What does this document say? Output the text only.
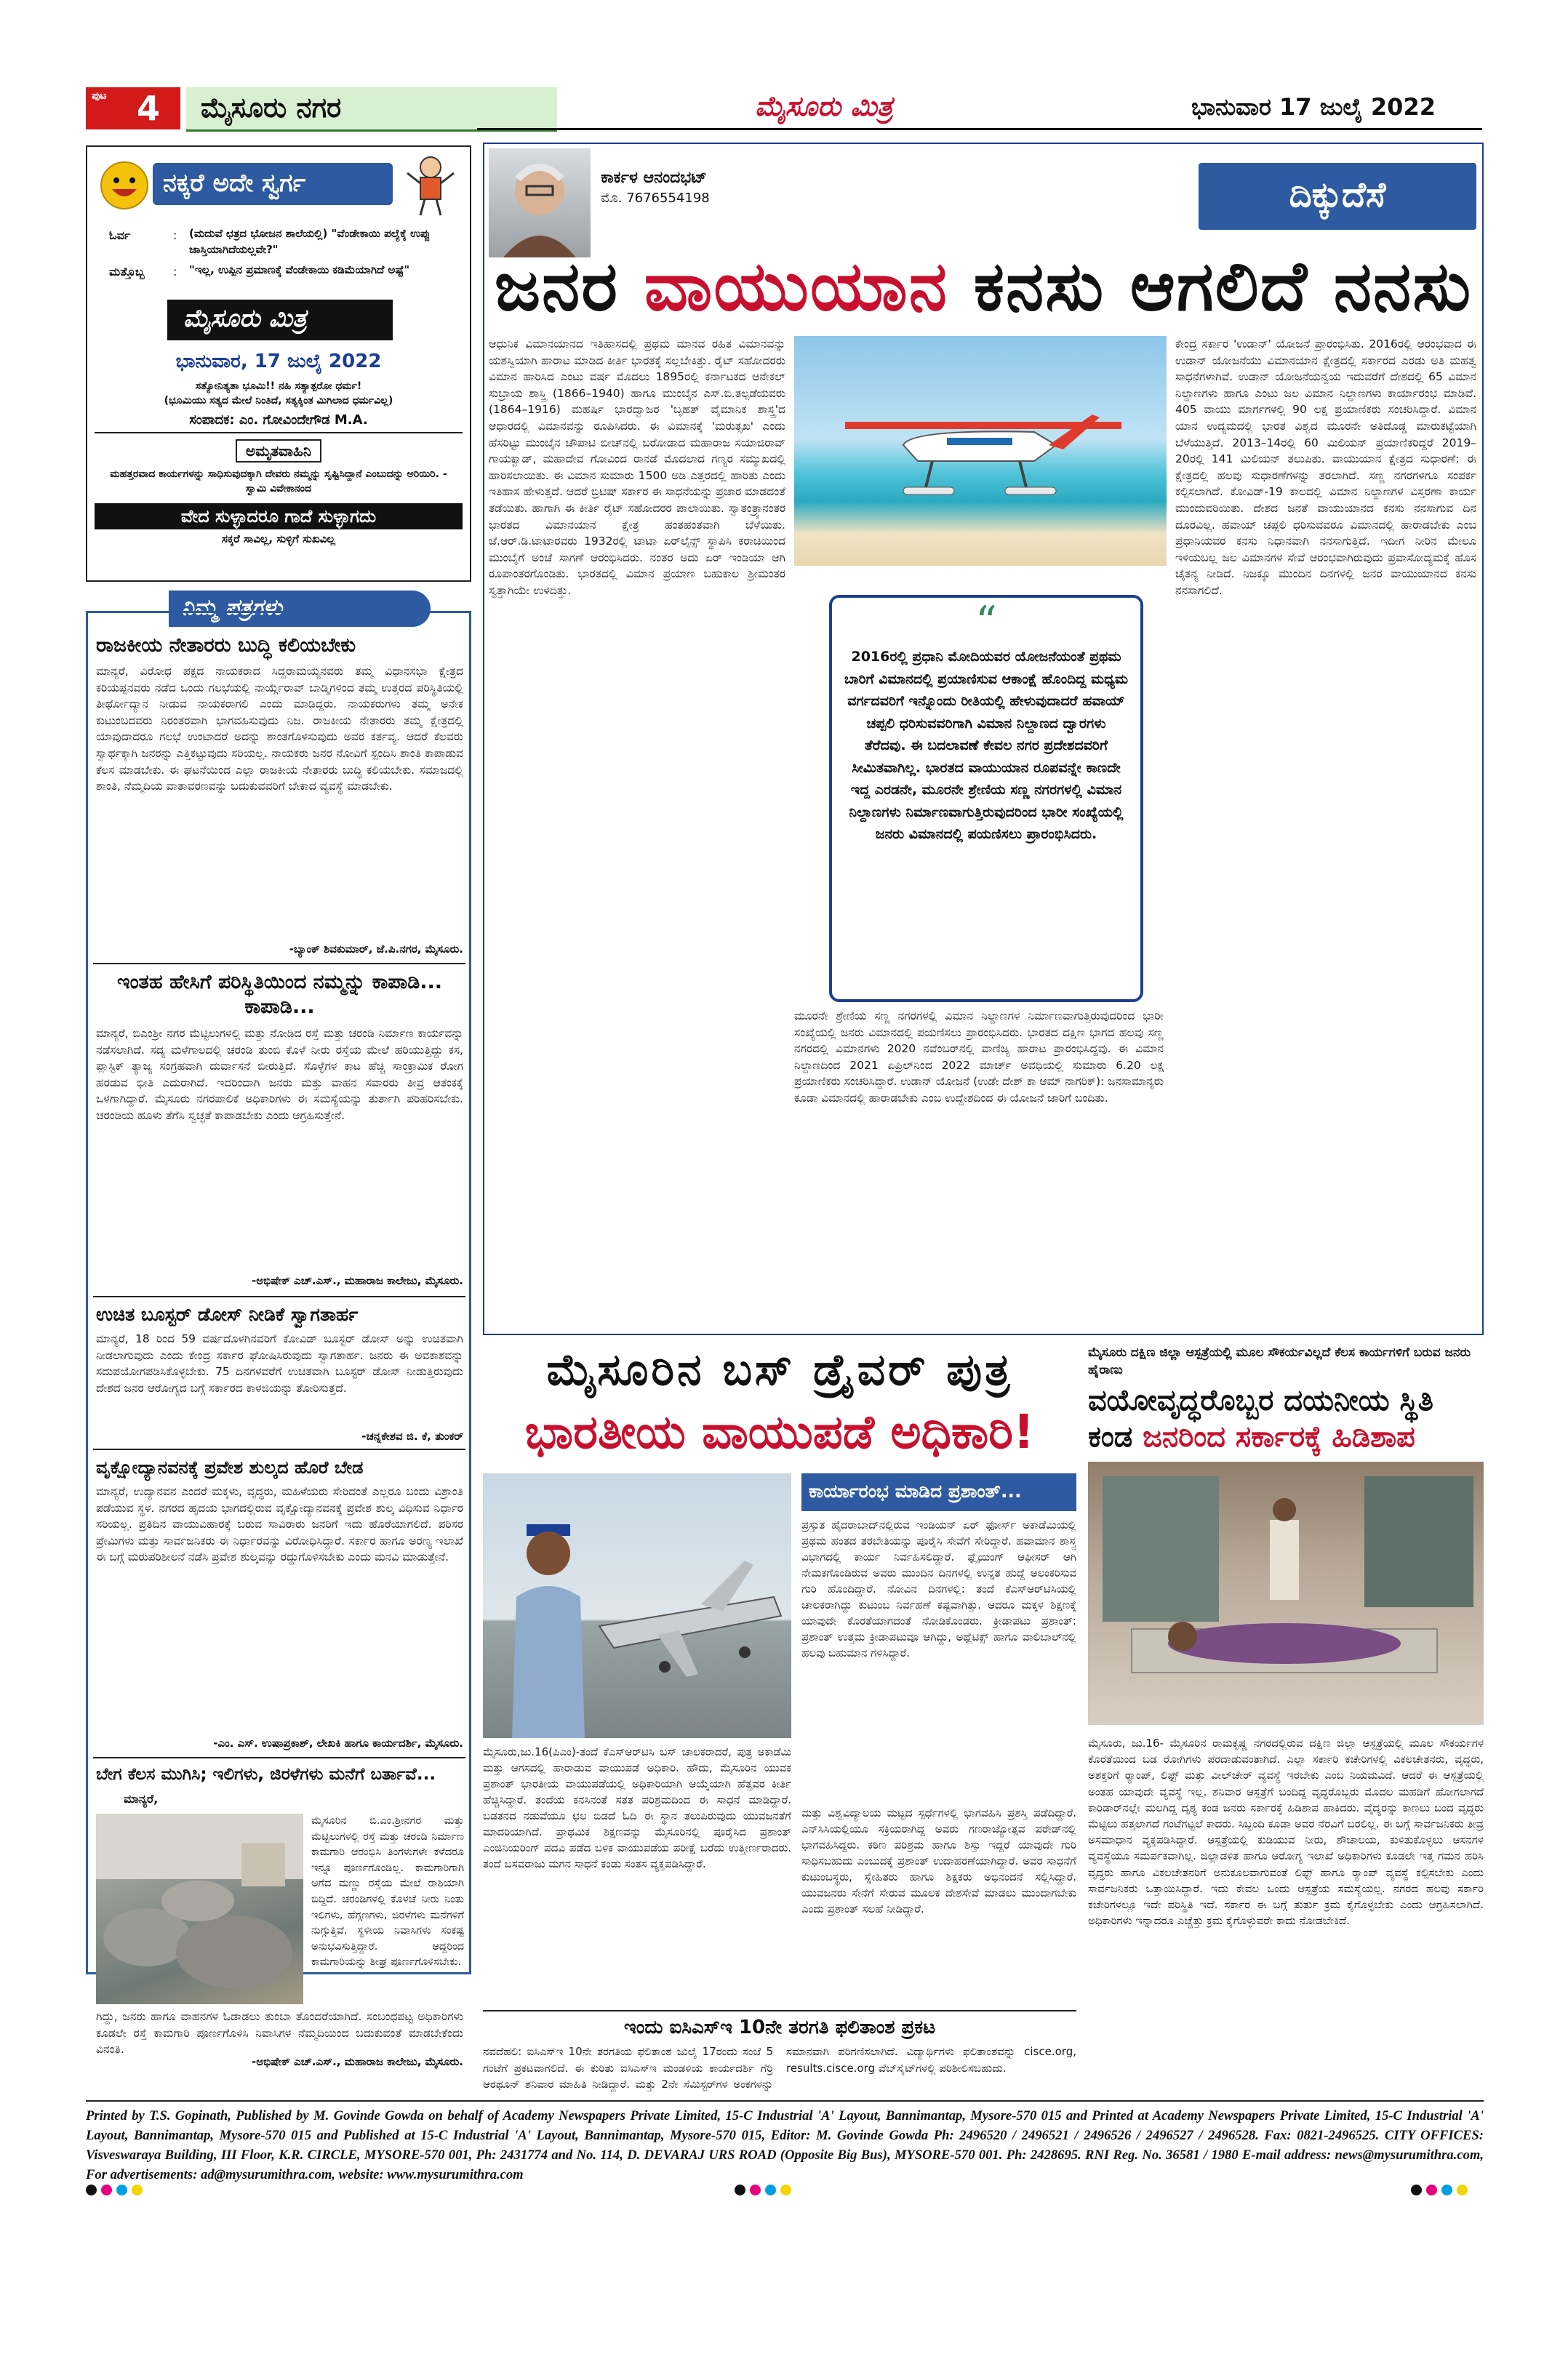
ಪುಟ 4 ಮೈಸೂರು ನಗರ	ಮೈಸೂರು ಮಿತ್ರ	ಭಾನುವಾರ 17 ಜುಲೈ 2022
ನಕ್ಕರೆ ಅದೇ ಸ್ವರ್ಗ
ಓರ್ವ	: (ಮದುವೆ ಛತ್ರದ ಭೋಜನ ಶಾಲೆಯಲ್ಲಿ) "ವೆಂಡೇಕಾಯಿ ಪಲ್ಯೆಕ್ಕೆ ಉಪ್ಪು ಜಾಸ್ತಿಯಾಗಿದೆಯಲ್ಲವೇ?"

ಮತ್ತೊಬ್ಬ : "ಇಲ್ಲ, ಉಪ್ಪಿನ ಪ್ರಮಾಣಕ್ಕೆ ವೆಂಡೇಕಾಯಿ ಕಡಿಮೆಯಾಗಿದೆ ಅಷ್ಟೆ"

ಮೈಸೂರು ಮಿತ್ರ
ಭಾನುವಾರ, 17 ಜುಲೈ 2022
ಸತ್ಯೋನಿತ್ಯತಾ ಭೂಮಿ!! ನಹಿ ಸತ್ಯಾತ್ಪರೋ ಧರ್ಮ!
(ಭೂಮಿಯು ಸತ್ಯದ ಮೇಲೆ ನಿಂತಿದೆ, ಸತ್ಯಕ್ಕಿಂತ ಮಿಗಿಲಾದ ಧರ್ಮವಿಲ್ಲ)
ಸಂಪಾದಕ: ಎಂ. ಗೋವಿಂದೇಗೌಡ M.A.
ಅಮೃತವಾಹಿನಿ
ಮಹತ್ತರವಾದ ಕಾರ್ಯಗಳನ್ನು ಸಾಧಿಸುವುದಕ್ಕಾಗಿ ದೇವರು ನಮ್ಮನ್ನು ಸೃಷ್ಟಿಸಿದ್ದಾನೆ ಎಂಬುದನ್ನು ಅರಿಯಿರಿ. - ಸ್ವಾಮಿ ವಿವೇಕಾನಂದ
ವೇದ ಸುಳ್ಳಾದರೂ ಗಾದೆ ಸುಳ್ಳಾಗದು
ಸಕ್ಕರೆ ಸಾವಿಲ್ಲ, ಸುಳ್ಳಿಗೆ ಸುಖವಿಲ್ಲ
ನಿಮ್ಮ ಪತ್ರಗಳು
ರಾಜಕೀಯ ನೇತಾರರು ಬುದ್ಧಿ ಕಲಿಯಬೇಕು

ಮಾನ್ಯರೆ, ವಿರೋಧ ಪಕ್ಷದ ನಾಯಕರಾದ ಸಿದ್ದರಾಮಯ್ಯನವರು ತಮ್ಮ ವಿಧಾನಸಭಾ ಕ್ಷೇತ್ರದ ಕರಿಯಪ್ಪನವರು ನಡೆದ ಒಂದು ಗಲಭೆಯಲ್ಲಿ ನಾರ್ಯ್ಗೆರಾವ್ ಬಾಡ್ಮಿಗಳಿಂದ ತಮ್ಮ ಉತ್ತರದ ಪರಿಸ್ಥಿತಿಯಲ್ಲಿ ತೀರ್ಥೋದ್ಯಾನ ನೀಡುವ ನಾಯಕರಾಗಲಿ ಎಂದು ಮಾಡಿದ್ದರು. ನಾಯಕರುಗಳು ತಮ್ಮ ಅನೇಕ ಕುಟುಂಬದವರು ನಿರಂತರವಾಗಿ ಭಾಗವಹಿಸುವುದು ನಿಜ. ರಾಜಕೀಯ ನೇತಾರರು ತಮ್ಮ ಕ್ಷೇತ್ರದಲ್ಲಿ ಯಾವುದಾದರೂ ಗಲಭೆ ಉಂಟಾದರೆ ಅದನ್ನು ಶಾಂತಗೊಳಿಸುವುದು ಅವರ ಕರ್ತವ್ಯ. ಆದರೆ ಕೆಲವರು ಸ್ವಾರ್ಥಕ್ಕಾಗಿ ಜನರನ್ನು ಎತ್ತಿಕಟ್ಟುವುದು ಸರಿಯಲ್ಲ. ನಾಯಕರು ಜನರ ನೋವಿಗೆ ಸ್ಪಂದಿಸಿ ಶಾಂತಿ ಕಾಪಾಡುವ ಕೆಲಸ ಮಾಡಬೇಕು. ಈ ಘಟನೆಯಿಂದ ಎಲ್ಲಾ ರಾಜಕೀಯ ನೇತಾರರು ಬುದ್ಧಿ ಕಲಿಯಬೇಕು. ಸಮಾಜದಲ್ಲಿ ಶಾಂತಿ, ನೆಮ್ಮದಿಯ ವಾತಾವರಣವನ್ನು ಬದುಕುವವರಿಗೆ ಬೇಕಾದ ವ್ಯವಸ್ಥೆ ಮಾಡಬೇಕು.

-ಬ್ಯಾಂಕ್ ಶಿವಕುಮಾರ್, ಜೆ.ಪಿ.ನಗರ, ಮೈಸೂರು.
ಇಂತಹ ಹೇಸಿಗೆ ಪರಿಸ್ಥಿತಿಯಿಂದ ನಮ್ಮನ್ನು ಕಾಪಾಡಿ... ಕಾಪಾಡಿ...

ಮಾನ್ಯರೆ, ಬಿಎಂಶ್ರೀ ನಗರ ಮೆಟ್ಟಿಲುಗಳಲ್ಲಿ ಮತ್ತು ನೋಡಿದ ರಸ್ತೆ ಮತ್ತು ಚರಂಡಿ ನಿರ್ಮಾಣ ಕಾರ್ಯವನ್ನು ನಡೆಸಲಾಗಿದೆ. ಸದ್ಯ ಮಳೆಗಾಲದಲ್ಲಿ ಚರಂಡಿ ತುಂಬಿ ಕೊಳೆ ನೀರು ರಸ್ತೆಯ ಮೇಲೆ ಹರಿಯುತ್ತಿದ್ದು ಕಸ, ಪ್ಲಾಸ್ಟಿಕ್ ತ್ಯಾಜ್ಯ ಸಂಗ್ರಹವಾಗಿ ದುರ್ವಾಸನೆ ಬೀರುತ್ತಿದೆ. ಸೊಳ್ಳೆಗಳ ಕಾಟ ಹೆಚ್ಚಿ ಸಾಂಕ್ರಾಮಿಕ ರೋಗ ಹರಡುವ ಭೀತಿ ಎದುರಾಗಿದೆ. ಇದರಿಂದಾಗಿ ಜನರು ಮತ್ತು ವಾಹನ ಸವಾರರು ತೀವ್ರ ಆತಂಕಕ್ಕೆ ಒಳಗಾಗಿದ್ದಾರೆ. ಮೈಸೂರು ನಗರಪಾಲಿಕೆ ಅಧಿಕಾರಿಗಳು ಈ ಸಮಸ್ಯೆಯನ್ನು ತುರ್ತಾಗಿ ಪರಿಹರಿಸಬೇಕು. ಚರಂಡಿಯ ಹೂಳು ತೆಗೆಸಿ ಸ್ವಚ್ಛತೆ ಕಾಪಾಡಬೇಕು ಎಂದು ಆಗ್ರಹಿಸುತ್ತೇನೆ.

-ಅಭಿಷೇಕ್ ಎಚ್.ಎಸ್., ಮಹಾರಾಜ ಕಾಲೇಜು, ಮೈಸೂರು.
ಉಚಿತ ಬೂಸ್ಟರ್ ಡೋಸ್ ನೀಡಿಕೆ ಸ್ವಾಗತಾರ್ಹ

ಮಾನ್ಯರೆ, 18 ರಿಂದ 59 ವರ್ಷದೊಳಗಿನವರಿಗೆ ಕೋವಿಡ್ ಬೂಸ್ಟರ್ ಡೋಸ್ ಅನ್ನು ಉಚಿತವಾಗಿ ನೀಡಲಾಗುವುದು ಎಂದು ಕೇಂದ್ರ ಸರ್ಕಾರ ಘೋಷಿಸಿರುವುದು ಸ್ವಾಗತಾರ್ಹ. ಜನರು ಈ ಅವಕಾಶವನ್ನು ಸದುಪಯೋಗಪಡಿಸಿಕೊಳ್ಳಬೇಕು. 75 ದಿನಗಳವರೆಗೆ ಉಚಿತವಾಗಿ ಬೂಸ್ಟರ್ ಡೋಸ್ ನೀಡುತ್ತಿರುವುದು ದೇಶದ ಜನರ ಆರೋಗ್ಯದ ಬಗ್ಗೆ ಸರ್ಕಾರದ ಕಾಳಜಿಯನ್ನು ತೋರಿಸುತ್ತದೆ.

-ಚನ್ನಕೇಶವ ಜಿ. ಕೆ, ತುಂಕರ್
ವೃಕ್ಷೋದ್ಯಾನವನಕ್ಕೆ ಪ್ರವೇಶ ಶುಲ್ಕದ ಹೊರೆ ಬೇಡ

ಮಾನ್ಯರೆ, ಉದ್ಯಾನವನ ಎಂದರೆ ಮಕ್ಕಳು, ವೃದ್ಧರು, ಮಹಿಳೆಯರು ಸೇರಿದಂತೆ ಎಲ್ಲರೂ ಬಂದು ವಿಶ್ರಾಂತಿ ಪಡೆಯುವ ಸ್ಥಳ. ನಗರದ ಹೃದಯ ಭಾಗದಲ್ಲಿರುವ ವೃಕ್ಷೋದ್ಯಾನವನಕ್ಕೆ ಪ್ರವೇಶ ಶುಲ್ಕ ವಿಧಿಸುವ ನಿರ್ಧಾರ ಸರಿಯಲ್ಲ. ಪ್ರತಿದಿನ ವಾಯುವಿಹಾರಕ್ಕೆ ಬರುವ ಸಾವಿರಾರು ಜನರಿಗೆ ಇದು ಹೊರೆಯಾಗಲಿದೆ. ಪರಿಸರ ಪ್ರೇಮಿಗಳು ಮತ್ತು ಸಾರ್ವಜನಿಕರು ಈ ನಿರ್ಧಾರವನ್ನು ವಿರೋಧಿಸಿದ್ದಾರೆ. ಸರ್ಕಾರ ಹಾಗೂ ಅರಣ್ಯ ಇಲಾಖೆ ಈ ಬಗ್ಗೆ ಮರುಪರಿಶೀಲನೆ ನಡೆಸಿ ಪ್ರವೇಶ ಶುಲ್ಕವನ್ನು ರದ್ದುಗೊಳಿಸಬೇಕು ಎಂದು ಮನವಿ ಮಾಡುತ್ತೇನೆ.

-ಎಂ. ಎಸ್. ಉಷಾಪ್ರಕಾಶ್, ಲೇಖಕಿ ಹಾಗೂ ಕಾರ್ಯದರ್ಶಿ, ಮೈಸೂರು.
ಬೇಗ ಕೆಲಸ ಮುಗಿಸಿ; ಇಲಿಗಳು, ಜಿರಳೆಗಳು ಮನೆಗೆ ಬರ್ತಾವೆ...
ಮಾನ್ಯರೆ,

ಮೈಸೂರಿನ ಬಿ.ಎಂ.ಶ್ರೀನಗರ ಮತ್ತು ಮೆಟ್ಟಿಲುಗಳಲ್ಲಿ ರಸ್ತೆ ಮತ್ತು ಚರಂಡಿ ನಿರ್ಮಾಣ ಕಾಮಗಾರಿ ಆರಂಭಿಸಿ ತಿಂಗಳುಗಳೇ ಕಳೆದರೂ ಇನ್ನೂ ಪೂರ್ಣಗೊಂಡಿಲ್ಲ. ಕಾಮಗಾರಿಗಾಗಿ ಅಗೆದ ಮಣ್ಣು ರಸ್ತೆಯ ಮೇಲೆ ರಾಶಿಯಾಗಿ ಬಿದ್ದಿದೆ. ಚರಂಡಿಗಳಲ್ಲಿ ಕೊಳಚೆ ನೀರು ನಿಂತು ಇಲಿಗಳು, ಹೆಗ್ಗಣಗಳು, ಜಿರಳೆಗಳು ಮನೆಗಳಿಗೆ ನುಗ್ಗುತ್ತಿವೆ. ಸ್ಥಳೀಯ ನಿವಾಸಿಗಳು ಸಂಕಷ್ಟ ಅನುಭವಿಸುತ್ತಿದ್ದಾರೆ. ಆದ್ದರಿಂದ ಕಾಮಗಾರಿಯನ್ನು ಶೀಘ್ರ ಪೂರ್ಣಗೊಳಿಸಬೇಕು.

ಗಿದ್ದು, ಜನರು ಹಾಗೂ ವಾಹನಗಳ ಓಡಾಡಲು ತುಂಬಾ ತೊಂದರೆಯಾಗಿದೆ. ಸಂಬಂಧಪಟ್ಟ ಅಧಿಕಾರಿಗಳು ಕೂಡಲೇ ರಸ್ತೆ ಕಾಮಗಾರಿ ಪೂರ್ಣಗೊಳಿಸಿ ನಿವಾಸಿಗಳ ನೆಮ್ಮದಿಯಿಂದ ಬದುಕುವಂತೆ ಮಾಡಬೇಕೆಂದು ವಿನಂತಿ.

-ಅಭಿಷೇಕ್ ಎಚ್.ಎಸ್., ಮಹಾರಾಜ ಕಾಲೇಜು, ಮೈಸೂರು.
ಕಾರ್ಕಳ ಆನಂದಭಟ್
ಮೊ. 7676554198	ದಿಕ್ಕುದೆಸೆ
ಜನರ ವಾಯುಯಾನ ಕನಸು ಆಗಲಿದೆ ನನಸು

ಆಧುನಿಕ ವಿಮಾನಯಾನದ ಇತಿಹಾಸದಲ್ಲಿ ಪ್ರಥಮ ಮಾನವ ರಹಿತ ವಿಮಾನವನ್ನು ಯಶಸ್ವಿಯಾಗಿ ಹಾರಾಟ ಮಾಡಿದ ಕೀರ್ತಿ ಭಾರತಕ್ಕೆ ಸಲ್ಲಬೇಕಿತ್ತು. ರೈಟ್ ಸಹೋದರರು ವಿಮಾನ ಹಾರಿಸಿದ ಎಂಟು ವರ್ಷ ಮೊದಲು 1895ರಲ್ಲಿ ಕರ್ನಾಟಕದ ಆನೇಕಲ್ ಸುಬ್ರಾಯ ಶಾಸ್ತ್ರಿ (1866–1940) ಹಾಗೂ ಮುಂಬೈನ ಎಸ್.ಬಿ.ತಲ್ಪಡೆಯವರು (1864–1916) ಮಹರ್ಷಿ ಭಾರದ್ವಾಜರ 'ಬೃಹತ್ ವೈಮಾನಿಕ ಶಾಸ್ತ್ರ'ದ ಆಧಾರದಲ್ಲಿ ವಿಮಾನವನ್ನು ರೂಪಿಸಿದರು. ಈ ವಿಮಾನಕ್ಕೆ 'ಮರುತ್ಸಖ' ಎಂದು ಹೆಸರಿಟ್ಟು ಮುಂಬೈನ ಚೌಪಾಟಿ ಬೀಚ್‌ನಲ್ಲಿ ಬರೋಡಾದ ಮಹಾರಾಜ ಸಯಾಜಿರಾವ್ ಗಾಯಕ್ವಾಡ್, ಮಹಾದೇವ ಗೋವಿಂದ ರಾನಡೆ ಮೊದಲಾದ ಗಣ್ಯರ ಸಮ್ಮುಖದಲ್ಲಿ ಹಾರಿಸಲಾಯಿತು. ಈ ವಿಮಾನ ಸುಮಾರು 1500 ಅಡಿ ಎತ್ತರದಲ್ಲಿ ಹಾರಿತು ಎಂದು ಇತಿಹಾಸ ಹೇಳುತ್ತದೆ. ಆದರೆ ಬ್ರಿಟಿಷ್ ಸರ್ಕಾರ ಈ ಸಾಧನೆಯನ್ನು ಪ್ರಚಾರ ಮಾಡದಂತೆ ತಡೆಯಿತು. ಹಾಗಾಗಿ ಈ ಕೀರ್ತಿ ರೈಟ್ ಸಹೋದರರ ಪಾಲಾಯಿತು. ಸ್ವಾತಂತ್ರ್ಯಾನಂತರ ಭಾರತದ ವಿಮಾನಯಾನ ಕ್ಷೇತ್ರ ಹಂತಹಂತವಾಗಿ ಬೆಳೆಯಿತು. ಜೆ.ಆರ್.ಡಿ.ಟಾಟಾರವರು 1932ರಲ್ಲಿ ಟಾಟಾ ಏರ್‌ಲೈನ್ಸ್ ಸ್ಥಾಪಿಸಿ ಕರಾಚಿಯಿಂದ ಮುಂಬೈಗೆ ಅಂಚೆ ಸಾಗಣೆ ಆರಂಭಿಸಿದರು. ನಂತರ ಅದು ಏರ್ ಇಂಡಿಯಾ ಆಗಿ ರೂಪಾಂತರಗೊಂಡಿತು. ಭಾರತದಲ್ಲಿ ವಿಮಾನ ಪ್ರಯಾಣ ಬಹುಕಾಲ ಶ್ರೀಮಂತರ ಸ್ವತ್ತಾಗಿಯೇ ಉಳಿದಿತ್ತು.

“

2016ರಲ್ಲಿ ಪ್ರಧಾನಿ ಮೋದಿಯವರ ಯೋಜನೆಯಂತೆ ಪ್ರಥಮ ಬಾರಿಗೆ ವಿಮಾನದಲ್ಲಿ ಪ್ರಯಾಣಿಸುವ ಆಕಾಂಕ್ಷೆ ಹೊಂದಿದ್ದ ಮಧ್ಯಮ ವರ್ಗದವರಿಗೆ ಇನ್ನೊಂದು ರೀತಿಯಲ್ಲಿ ಹೇಳುವುದಾದರೆ ಹವಾಯ್ ಚಪ್ಪಲಿ ಧರಿಸುವವರಿಗಾಗಿ ವಿಮಾನ ನಿಲ್ದಾಣದ ದ್ವಾರಗಳು ತೆರೆದವು. ಈ ಬದಲಾವಣೆ ಕೇವಲ ನಗರ ಪ್ರದೇಶದವರಿಗೆ ಸೀಮಿತವಾಗಿಲ್ಲ. ಭಾರತದ ವಾಯುಯಾನ ರೂಪವನ್ನೇ ಕಾಣದೇ ಇದ್ದ ಎರಡನೇ, ಮೂರನೇ ಶ್ರೇಣಿಯ ಸಣ್ಣ ನಗರಗಳಲ್ಲಿ ವಿಮಾನ ನಿಲ್ದಾಣಗಳು ನಿರ್ಮಾಣವಾಗುತ್ತಿರುವುದರಿಂದ ಭಾರೀ ಸಂಖ್ಯೆಯಲ್ಲಿ ಜನರು ವಿಮಾನದಲ್ಲಿ ಪಯಣಿಸಲು ಪ್ರಾರಂಭಿಸಿದರು.

ಮೂರನೇ ಶ್ರೇಣಿಯ ಸಣ್ಣ ನಗರಗಳಲ್ಲಿ ವಿಮಾನ ನಿಲ್ದಾಣಗಳ ನಿರ್ಮಾಣವಾಗುತ್ತಿರುವುದರಿಂದ ಭಾರೀ ಸಂಖ್ಯೆಯಲ್ಲಿ ಜನರು ವಿಮಾನದಲ್ಲಿ ಪಯಣಿಸಲು ಪ್ರಾರಂಭಿಸಿದರು. ಭಾರತದ ದಕ್ಷಿಣ ಭಾಗದ ಹಲವು ಸಣ್ಣ ನಗರದಲ್ಲಿ ವಿಮಾನಗಳು 2020 ನವೆಂಬರ್‌ನಲ್ಲಿ ವಾಣಿಜ್ಯ ಹಾರಾಟ ಪ್ರಾರಂಭಿಸಿದ್ದವು. ಈ ವಿಮಾನ ನಿಲ್ದಾಣದಿಂದ 2021 ಏಪ್ರಿಲ್‌ನಿಂದ 2022 ಮಾರ್ಚ್ ಅವಧಿಯಲ್ಲಿ ಸುಮಾರು 6.20 ಲಕ್ಷ ಪ್ರಯಾಣಿಕರು ಸಂಚರಿಸಿದ್ದಾರೆ. ಉಡಾನ್ ಯೋಜನೆ (ಉಡೇ ದೇಶ್ ಕಾ ಆಮ್ ನಾಗರಿಕ್): ಜನಸಾಮಾನ್ಯರು ಕೂಡಾ ವಿಮಾನದಲ್ಲಿ ಹಾರಾಡಬೇಕು ಎಂಬ ಉದ್ದೇಶದಿಂದ ಈ ಯೋಜನೆ ಜಾರಿಗೆ ಬಂದಿತು.

ಕೇಂದ್ರ ಸರ್ಕಾರ 'ಉಡಾನ್' ಯೋಜನೆ ಪ್ರಾರಂಭಿಸಿತು. 2016ರಲ್ಲಿ ಆರಂಭವಾದ ಈ ಉಡಾನ್ ಯೋಜನೆಯು ವಿಮಾನಯಾನ ಕ್ಷೇತ್ರದಲ್ಲಿ ಸರ್ಕಾರದ ಎರಡು ಅತಿ ಮಹತ್ವ ಸಾಧನೆಗಳಾಗಿವೆ. ಉಡಾನ್ ಯೋಜನೆಯನ್ವಯ ಇದುವರೆಗೆ ದೇಶದಲ್ಲಿ 65 ವಿಮಾನ ನಿಲ್ದಾಣಗಳು ಹಾಗೂ ಎಂಟು ಜಲ ವಿಮಾನ ನಿಲ್ದಾಣಗಳು ಕಾರ್ಯಾರಂಭ ಮಾಡಿವೆ. 405 ವಾಯು ಮಾರ್ಗಗಳಲ್ಲಿ 90 ಲಕ್ಷ ಪ್ರಯಾಣಿಕರು ಸಂಚರಿಸಿದ್ದಾರೆ. ವಿಮಾನ ಯಾನ ಉದ್ಯಮದಲ್ಲಿ ಭಾರತ ವಿಶ್ವದ ಮೂರನೇ ಅತಿದೊಡ್ಡ ಮಾರುಕಟ್ಟೆಯಾಗಿ ಬೆಳೆಯುತ್ತಿದೆ. 2013–14ರಲ್ಲಿ 60 ಮಿಲಿಯನ್ ಪ್ರಯಾಣಿಕರಿದ್ದರೆ 2019–20ರಲ್ಲಿ 141 ಮಿಲಿಯನ್ ತಲುಪಿತು. ವಾಯುಯಾನ ಕ್ಷೇತ್ರದ ಸುಧಾರಣೆ: ಈ ಕ್ಷೇತ್ರದಲ್ಲಿ ಹಲವು ಸುಧಾರಣೆಗಳನ್ನು ತರಲಾಗಿದೆ. ಸಣ್ಣ ನಗರಗಳಿಗೂ ಸಂಪರ್ಕ ಕಲ್ಪಿಸಲಾಗಿದೆ. ಕೋವಿಡ್-19 ಕಾಲದಲ್ಲಿ ವಿಮಾನ ನಿಲ್ದಾಣಗಳ ವಿಸ್ತರಣಾ ಕಾರ್ಯ ಮುಂದುವರಿಯಿತು. ದೇಶದ ಜನತೆ ವಾಯುಯಾನದ ಕನಸು ನನಸಾಗುವ ದಿನ ದೂರವಿಲ್ಲ. ಹವಾಯ್ ಚಪ್ಪಲಿ ಧರಿಸುವವರೂ ವಿಮಾನದಲ್ಲಿ ಹಾರಾಡಬೇಕು ಎಂಬ ಪ್ರಧಾನಿಯವರ ಕನಸು ನಿಧಾನವಾಗಿ ನನಸಾಗುತ್ತಿದೆ. ಇದೀಗ ನೀರಿನ ಮೇಲೂ ಇಳಿಯಬಲ್ಲ ಜಲ ವಿಮಾನಗಳ ಸೇವೆ ಆರಂಭವಾಗಿರುವುದು ಪ್ರವಾಸೋದ್ಯಮಕ್ಕೆ ಹೊಸ ಚೈತನ್ಯ ನೀಡಿದೆ. ನಿಜಕ್ಕೂ ಮುಂದಿನ ದಿನಗಳಲ್ಲಿ ಜನರ ವಾಯುಯಾನದ ಕನಸು ನನಸಾಗಲಿದೆ.

ಮೈಸೂರಿನ ಬಸ್ ಡ್ರೈವರ್ ಪುತ್ರ
ಭಾರತೀಯ ವಾಯುಪಡೆ ಅಧಿಕಾರಿ!
ಕಾರ್ಯಾರಂಭ ಮಾಡಿದ ಪ್ರಶಾಂತ್...

ಮೈಸೂರು,ಜು.16(ಪಿಎಂ)-ತಂದೆ ಕೆಎಸ್‌ಆರ್‌ಟಿಸಿ ಬಸ್ ಚಾಲಕರಾದರೆ, ಪುತ್ರ ಅಕಾಡೆಮಿ ಮತ್ತು ಆಗಸದಲ್ಲಿ ಹಾರಾಡುವ ವಾಯುಪಡೆ ಅಧಿಕಾರಿ. ಹೌದು, ಮೈಸೂರಿನ ಯುವಕ ಪ್ರಶಾಂತ್ ಭಾರತೀಯ ವಾಯುಪಡೆಯಲ್ಲಿ ಅಧಿಕಾರಿಯಾಗಿ ಆಯ್ಕೆಯಾಗಿ ಹೆತ್ತವರ ಕೀರ್ತಿ ಹೆಚ್ಚಿಸಿದ್ದಾರೆ. ತಂದೆಯ ಕನಸಿನಂತೆ ಸತತ ಪರಿಶ್ರಮದಿಂದ ಈ ಸಾಧನೆ ಮಾಡಿದ್ದಾರೆ. ಬಡತನದ ನಡುವೆಯೂ ಛಲ ಬಿಡದೆ ಓದಿ ಈ ಸ್ಥಾನ ತಲುಪಿರುವುದು ಯುವಜನತೆಗೆ ಮಾದರಿಯಾಗಿದೆ. ಪ್ರಾಥಮಿಕ ಶಿಕ್ಷಣವನ್ನು ಮೈಸೂರಿನಲ್ಲಿ ಪೂರೈಸಿದ ಪ್ರಶಾಂತ್ ಎಂಜಿನಿಯರಿಂಗ್ ಪದವಿ ಪಡೆದ ಬಳಿಕ ವಾಯುಪಡೆಯ ಪರೀಕ್ಷೆ ಬರೆದು ಉತ್ತೀರ್ಣರಾದರು. ತಂದೆ ಬಸವರಾಜು ಮಗನ ಸಾಧನೆ ಕಂಡು ಸಂತಸ ವ್ಯಕ್ತಪಡಿಸಿದ್ದಾರೆ.

ಪ್ರಸ್ತುತ ಹೈದರಾಬಾದ್‌ನಲ್ಲಿರುವ ಇಂಡಿಯನ್ ಏರ್ ಫೋರ್ಸ್ ಅಕಾಡೆಮಿಯಲ್ಲಿ ಪ್ರಥಮ ಹಂತದ ತರಬೇತಿಯನ್ನು ಪೂರೈಸಿ ಸೇವೆಗೆ ಸೇರಿದ್ದಾರೆ. ಹವಾಮಾನ ಶಾಸ್ತ್ರ ವಿಭಾಗದಲ್ಲಿ ಕಾರ್ಯ ನಿರ್ವಹಿಸಲಿದ್ದಾರೆ. ಫ್ಲೈಯಿಂಗ್ ಆಫೀಸರ್ ಆಗಿ ನೇಮಕಗೊಂಡಿರುವ ಅವರು ಮುಂದಿನ ದಿನಗಳಲ್ಲಿ ಉನ್ನತ ಹುದ್ದೆ ಅಲಂಕರಿಸುವ ಗುರಿ ಹೊಂದಿದ್ದಾರೆ. ನೋವಿನ ದಿನಗಳಲ್ಲಿ: ತಂದೆ ಕೆಎಸ್‌ಆರ್‌ಟಿಸಿಯಲ್ಲಿ ಚಾಲಕರಾಗಿದ್ದು ಕುಟುಂಬ ನಿರ್ವಹಣೆ ಕಷ್ಟವಾಗಿತ್ತು. ಆದರೂ ಮಕ್ಕಳ ಶಿಕ್ಷಣಕ್ಕೆ ಯಾವುದೇ ಕೊರತೆಯಾಗದಂತೆ ನೋಡಿಕೊಂಡರು. ಕ್ರೀಡಾಪಟು ಪ್ರಶಾಂತ್: ಪ್ರಶಾಂತ್ ಉತ್ತಮ ಕ್ರೀಡಾಪಟುವೂ ಆಗಿದ್ದು, ಅಥ್ಲೆಟಿಕ್ಸ್ ಹಾಗೂ ವಾಲಿಬಾಲ್‌ನಲ್ಲಿ ಹಲವು ಬಹುಮಾನ ಗಳಿಸಿದ್ದಾರೆ.

ಮತ್ತು ವಿಶ್ವವಿದ್ಯಾಲಯ ಮಟ್ಟದ ಸ್ಪರ್ಧೆಗಳಲ್ಲಿ ಭಾಗವಹಿಸಿ ಪ್ರಶಸ್ತಿ ಪಡೆದಿದ್ದಾರೆ. ಎನ್‌ಸಿಸಿಯಲ್ಲಿಯೂ ಸಕ್ರಿಯರಾಗಿದ್ದ ಅವರು ಗಣರಾಜ್ಯೋತ್ಸವ ಪರೇಡ್‌ನಲ್ಲಿ ಭಾಗವಹಿಸಿದ್ದರು. ಕಠಿಣ ಪರಿಶ್ರಮ ಹಾಗೂ ಶಿಸ್ತು ಇದ್ದರೆ ಯಾವುದೇ ಗುರಿ ಸಾಧಿಸಬಹುದು ಎಂಬುದಕ್ಕೆ ಪ್ರಶಾಂತ್ ಉದಾಹರಣೆಯಾಗಿದ್ದಾರೆ. ಅವರ ಸಾಧನೆಗೆ ಕುಟುಂಬಸ್ಥರು, ಸ್ನೇಹಿತರು ಹಾಗೂ ಶಿಕ್ಷಕರು ಅಭಿನಂದನೆ ಸಲ್ಲಿಸಿದ್ದಾರೆ. ಯುವಜನರು ಸೇನೆಗೆ ಸೇರುವ ಮೂಲಕ ದೇಶಸೇವೆ ಮಾಡಲು ಮುಂದಾಗಬೇಕು ಎಂದು ಪ್ರಶಾಂತ್ ಸಲಹೆ ನೀಡಿದ್ದಾರೆ.

ಮೈಸೂರು ದಕ್ಷಿಣ ಜಿಲ್ಲಾ ಆಸ್ಪತ್ರೆಯಲ್ಲಿ ಮೂಲ ಸೌಕರ್ಯವಿಲ್ಲದೆ ಕೆಲಸ ಕಾರ್ಯಗಳಿಗೆ ಬರುವ ಜನರು ಹೈರಾಣು
ವಯೋವೃದ್ಧರೊಬ್ಬರ ದಯನೀಯ ಸ್ಥಿತಿ
ಕಂಡ ಜನರಿಂದ ಸರ್ಕಾರಕ್ಕೆ ಹಿಡಿಶಾಪ

ಮೈಸೂರು, ಜು.16- ಮೈಸೂರಿನ ರಾಮಕೃಷ್ಣ ನಗರದಲ್ಲಿರುವ ದಕ್ಷಿಣ ಜಿಲ್ಲಾ ಆಸ್ಪತ್ರೆಯಲ್ಲಿ ಮೂಲ ಸೌಕರ್ಯಗಳ ಕೊರತೆಯಿಂದ ಬಡ ರೋಗಿಗಳು ಪರದಾಡುವಂತಾಗಿದೆ. ಎಲ್ಲಾ ಸರ್ಕಾರಿ ಕಚೇರಿಗಳಲ್ಲಿ ವಿಕಲಚೇತನರು, ವೃದ್ಧರು, ಅಶಕ್ತರಿಗೆ ರ‍್ಯಾಂಪ್, ಲಿಫ್ಟ್ ಮತ್ತು ವೀಲ್‌ಚೇರ್ ವ್ಯವಸ್ಥೆ ಇರಬೇಕು ಎಂಬ ನಿಯಮವಿದೆ. ಆದರೆ ಈ ಆಸ್ಪತ್ರೆಯಲ್ಲಿ ಅಂತಹ ಯಾವುದೇ ವ್ಯವಸ್ಥೆ ಇಲ್ಲ. ಶನಿವಾರ ಆಸ್ಪತ್ರೆಗೆ ಬಂದಿದ್ದ ವೃದ್ಧರೊಬ್ಬರು ಮೊದಲ ಮಹಡಿಗೆ ಹೋಗಲಾಗದೆ ಕಾರಿಡಾರ್‌ನಲ್ಲೇ ಮಲಗಿದ್ದ ದೃಶ್ಯ ಕಂಡ ಜನರು ಸರ್ಕಾರಕ್ಕೆ ಹಿಡಿಶಾಪ ಹಾಕಿದರು. ವೈದ್ಯರನ್ನು ಕಾಣಲು ಬಂದ ವೃದ್ಧರು ಮೆಟ್ಟಿಲು ಹತ್ತಲಾಗದೆ ಗಂಟೆಗಟ್ಟಲೆ ಕಾದರು. ಸಿಬ್ಬಂದಿ ಕೂಡಾ ಅವರ ನೆರವಿಗೆ ಬರಲಿಲ್ಲ. ಈ ಬಗ್ಗೆ ಸಾರ್ವಜನಿಕರು ತೀವ್ರ ಅಸಮಾಧಾನ ವ್ಯಕ್ತಪಡಿಸಿದ್ದಾರೆ. ಆಸ್ಪತ್ರೆಯಲ್ಲಿ ಕುಡಿಯುವ ನೀರು, ಶೌಚಾಲಯ, ಕುಳಿತುಕೊಳ್ಳಲು ಆಸನಗಳ ವ್ಯವಸ್ಥೆಯೂ ಸಮರ್ಪಕವಾಗಿಲ್ಲ. ಜಿಲ್ಲಾಡಳಿತ ಹಾಗೂ ಆರೋಗ್ಯ ಇಲಾಖೆ ಅಧಿಕಾರಿಗಳು ಕೂಡಲೇ ಇತ್ತ ಗಮನ ಹರಿಸಿ ವೃದ್ಧರು ಹಾಗೂ ವಿಕಲಚೇತನರಿಗೆ ಅನುಕೂಲವಾಗುವಂತೆ ಲಿಫ್ಟ್ ಹಾಗೂ ರ‍್ಯಾಂಪ್ ವ್ಯವಸ್ಥೆ ಕಲ್ಪಿಸಬೇಕು ಎಂದು ಸಾರ್ವಜನಿಕರು ಒತ್ತಾಯಿಸಿದ್ದಾರೆ. ಇದು ಕೇವಲ ಒಂದು ಆಸ್ಪತ್ರೆಯ ಸಮಸ್ಯೆಯಲ್ಲ. ನಗರದ ಹಲವು ಸರ್ಕಾರಿ ಕಚೇರಿಗಳಲ್ಲೂ ಇದೇ ಪರಿಸ್ಥಿತಿ ಇದೆ. ಸರ್ಕಾರ ಈ ಬಗ್ಗೆ ತುರ್ತು ಕ್ರಮ ಕೈಗೊಳ್ಳಬೇಕು ಎಂದು ಆಗ್ರಹಿಸಲಾಗಿದೆ. ಅಧಿಕಾರಿಗಳು ಇನ್ನಾದರೂ ಎಚ್ಚೆತ್ತು ಕ್ರಮ ಕೈಗೊಳ್ಳುವರೇ ಕಾದು ನೋಡಬೇಕಿದೆ.

ಇಂದು ಐಸಿಎಸ್‌ಇ 10ನೇ ತರಗತಿ ಫಲಿತಾಂಶ ಪ್ರಕಟ

ನವದೆಹಲಿ: ಐಸಿಎಸ್‌ಇ 10ನೇ ತರಗತಿಯ ಫಲಿತಾಂಶ ಜುಲೈ 17ರಂದು ಸಂಜೆ 5 ಗಂಟೆಗೆ ಪ್ರಕಟವಾಗಲಿದೆ. ಈ ಕುರಿತು ಐಸಿಎಸ್‌ಇ ಮಂಡಳಿಯ ಕಾರ್ಯದರ್ಶಿ ಗೆರ್ರಿ ಆರಥೂನ್ ಶನಿವಾರ ಮಾಹಿತಿ ನೀಡಿದ್ದಾರೆ. ಮತ್ತು 2ನೇ ಸೆಮಿಸ್ಟರ್‌ಗಳ ಅಂಕಗಳನ್ನು ಸಮಾನವಾಗಿ ಪರಿಗಣಿಸಲಾಗಿದೆ. ವಿದ್ಯಾರ್ಥಿಗಳು ಫಲಿತಾಂಶವನ್ನು cisce.org, results.cisce.org ವೆಬ್‌ಸೈಟ್‌ಗಳಲ್ಲಿ ಪರಿಶೀಲಿಸಬಹುದು.

Printed by T.S. Gopinath, Published by M. Govinde Gowda on behalf of Academy Newspapers Private Limited, 15-C Industrial 'A' Layout, Bannimantap, Mysore-570 015 and Printed at Academy Newspapers Private Limited, 15-C Industrial 'A' Layout, Bannimantap, Mysore-570 015 and Published at 15-C Industrial 'A' Layout, Bannimantap, Mysore-570 015, Editor: M. Govinde Gowda Ph: 2496520 / 2496521 / 2496526 / 2496527 / 2496528. Fax: 0821-2496525. CITY OFFICES: Visveswaraya Building, III Floor, K.R. CIRCLE, MYSORE-570 001, Ph: 2431774 and No. 114, D. DEVARAJ URS ROAD (Opposite Big Bus), MYSORE-570 001. Ph: 2428695. RNI Reg. No. 36581 / 1980 E-mail address: news@mysurumithra.com, For advertisements: ad@mysurumithra.com, website: www.mysurumithra.com
